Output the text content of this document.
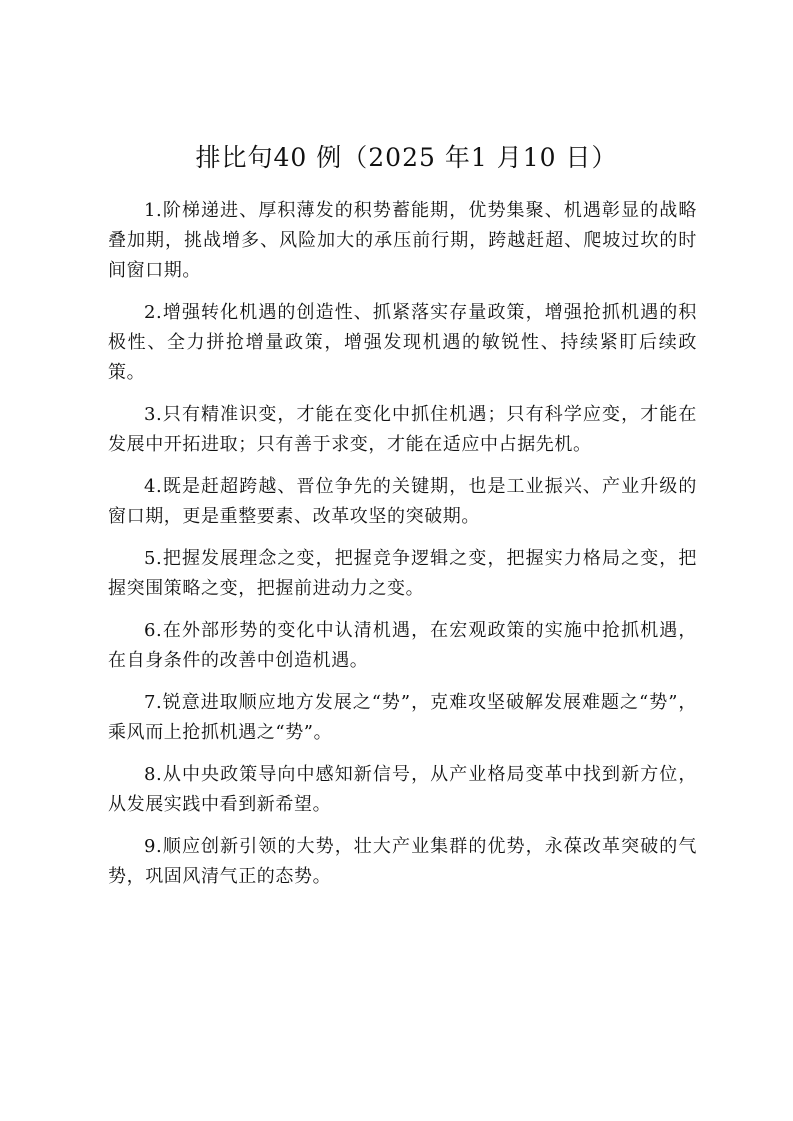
排比句40 例（2025 年1 月10 日）
1.阶梯递进、厚积薄发的积势蓄能期，优势集聚、机遇彰显的战略叠加期，挑战增多、风险加大的承压前行期，跨越赶超、爬坡过坎的时间窗口期。
2.增强转化机遇的创造性、抓紧落实存量政策，增强抢抓机遇的积极性、全力拼抢增量政策，增强发现机遇的敏锐性、持续紧盯后续政策。
3.只有精准识变，才能在变化中抓住机遇；只有科学应变，才能在发展中开拓进取；只有善于求变，才能在适应中占据先机。
4.既是赶超跨越、晋位争先的关键期，也是工业振兴、产业升级的窗口期，更是重整要素、改革攻坚的突破期。
5.把握发展理念之变，把握竞争逻辑之变，把握实力格局之变，把握突围策略之变，把握前进动力之变。
6.在外部形势的变化中认清机遇，在宏观政策的实施中抢抓机遇，在自身条件的改善中创造机遇。
7.锐意进取顺应地方发展之“势”，克难攻坚破解发展难题之“势”，乘风而上抢抓机遇之“势”。
8.从中央政策导向中感知新信号，从产业格局变革中找到新方位，从发展实践中看到新希望。
9.顺应创新引领的大势，壮大产业集群的优势，永葆改革突破的气势，巩固风清气正的态势。
